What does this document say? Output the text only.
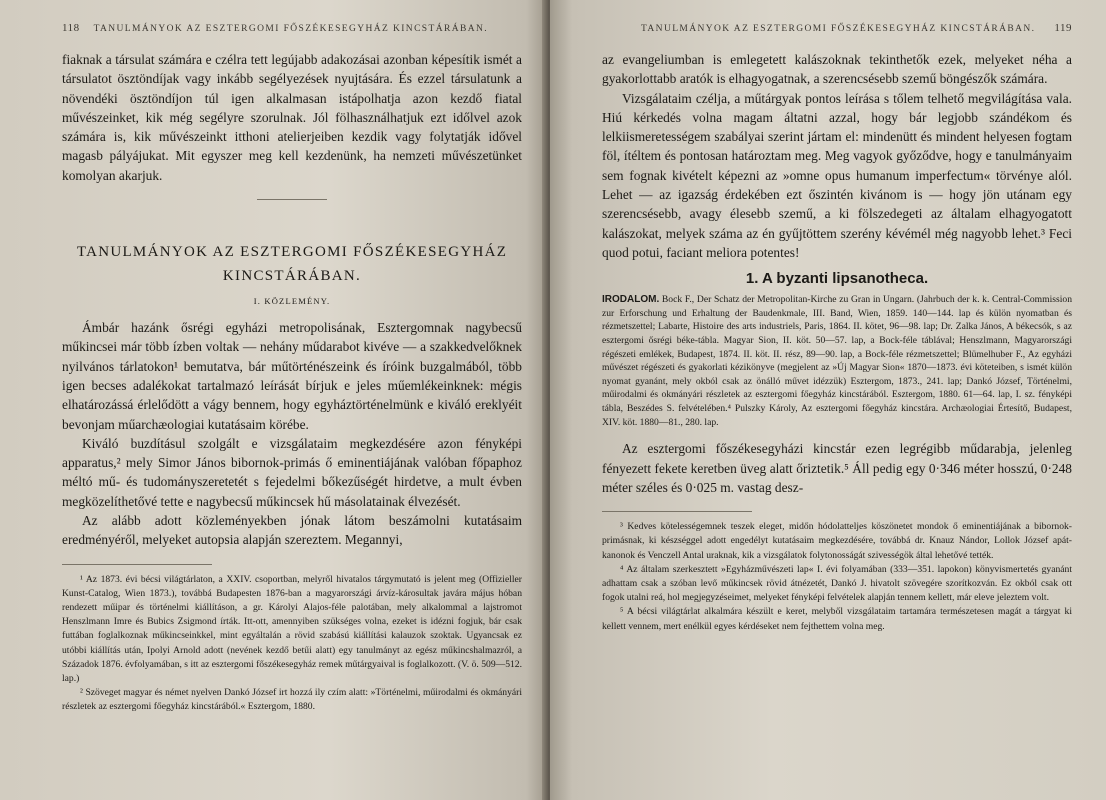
118 TANULMÁNYOK AZ ESZTERGOMI FŐSZÉKESEGYHÁZ KINCSTÁRÁBAN.

fiaknak a társulat számára e czélra tett legújabb adakozásai azonban képesítik ismét a társulatot ösztöndíjak vagy inkább segélyezések nyujtására. És ezzel társulatunk a növendéki ösztöndíjon túl igen alkalmasan istápolhatja azon kezdő fiatal művészeinket, kik még segélyre szorulnak. Jól fölhasználhatjuk ezt időlvel azok számára is, kik művészeinkt itthoni atelierjeiben kezdik vagy folytatják idővel magasb pályájukat. Mit egyszer meg kell kezdenünk, ha nemzeti művészetünket komolyan akarjuk.

TANULMÁNYOK AZ ESZTERGOMI FŐSZÉKESEGYHÁZ

KINCSTÁRÁBAN.

I. KÖZLEMÉNY.

Ámbár hazánk ősrégi egyházi metropolisának, Esztergomnak nagybecsű műkincsei már több ízben voltak — nehány műdarabot kivéve — a szakkedvelőknek nyilvános tárlatokon¹ bemutatva, bár műtörténészeink és íróink buzgalmából, több igen becses adalékokat tartalmazó leírását bírjuk e jeles műemlékeinknek: mégis elhatározássá érlelődött a vágy bennem, hogy egyháztörténelmünk e kiváló ereklyéit bevonjam műarchæologiai kutatásaim körébe.

Kiváló buzdításul szolgált e vizsgálataim megkezdésére azon fényképi apparatus,² mely Simor János bibornok-primás ő eminentiájának valóban főpaphoz méltó mű- és tudományszeretetét s fejedelmi bőkezűségét hirdetve, a mult évben megközelíthetővé tette e nagybecsű műkincsek hű másolatainak élvezését.

Az alább adott közleményekben jónak látom beszámolni kutatásaim eredményéről, melyeket autopsia alapján szereztem. Megannyi,

¹ Az 1873. évi bécsi világtárlaton, a XXIV. csoportban, melyről hivatalos tárgymutató is jelent meg (Offizieller Kunst-Catalog, Wien 1873.), továbbá Budapesten 1876-ban a magyarországi árvíz-károsultak javára május hóban rendezett műipar és történelmi kiállításon, a gr. Károlyi Alajos-féle palotában, mely alkalommal a lajstromot Henszlmann Imre és Bubics Zsigmond írták. Itt-ott, amennyiben szükséges volna, ezeket is idézni fogjuk, bár csak futtában foglalkoznak műkincseinkkel, mint egyáltalán a rövid szabású kiállítási kalauzok szoktak. Ugyancsak ez utóbbi kiállítás után, Ipolyi Arnold adott (nevének kezdő betűi alatt) egy tanulmányt az egész műkincshalmazról, a Századok 1876. évfolyamában, s itt az esztergomi főszékesegyház remek műtárgyaival is foglalkozott. (V. ö. 509—512. lap.)

² Szöveget magyar és német nyelven Dankó József irt hozzá ily czím alatt: »Történelmi, műirodalmi és okmányári részletek az esztergomi főegyház kincstárából.« Esztergom, 1880.

TANULMÁNYOK AZ ESZTERGOMI FŐSZÉKESEGYHÁZ KINCSTÁRÁBAN. 119

az evangeliumban is emlegetett kalászoknak tekinthetők ezek, melyeket néha a gyakorlottabb aratók is elhagyogatnak, a szerencsésebb szemű böngészők számára.

Vizsgálataim czélja, a műtárgyak pontos leírása s tőlem telhető megvilágítása vala. Hiú kérkedés volna magam áltatni azzal, hogy bár legjobb szándékom és lelkiismeretességem szabályai szerint jártam el: mindenütt és mindent helyesen fogtam föl, ítéltem és pontosan határoztam meg. Meg vagyok győződve, hogy e tanulmányaim sem fognak kivételt képezni az »omne opus humanum imperfectum« törvénye alól. Lehet — az igazság érdekében ezt őszintén kivánom is — hogy jön utánam egy szerencsésebb, avagy élesebb szemű, a ki fölszedegeti az általam elhagyogatott kalászokat, melyek száma az én gyűjtöttem szerény kévémél még nagyobb lehet.³ Feci quod potui, faciant meliora potentes!

1. A byzanti lipsanotheca.

IRODALOM. Bock F., Der Schatz der Metropolitan-Kirche zu Gran in Ungarn. (Jahrbuch der k. k. Central-Commission zur Erforschung und Erhaltung der Baudenkmale, III. Band, Wien, 1859. 140—144. lap és külön nyomatban és rézmetszettel; Labarte, Histoire des arts industriels, Paris, 1864. II. kötet, 96—98. lap; Dr. Zalka János, A békecsók, s az esztergomi ősrégi béke-tábla. Magyar Sion, II. köt. 50—57. lap, a Bock-féle táblával; Henszlmann, Magyarországi régészeti emlékek, Budapest, 1874. II. köt. II. rész, 89—90. lap, a Bock-féle rézmetszettel; Blümelhuber F., Az egyházi művészet régészeti és gyakorlati kézikönyve (megjelent az »Új Magyar Sion« 1870—1873. évi köteteiben, s ismét külön nyomat gyanánt, mely okból csak az önálló művet idézzük) Esztergom, 1873., 241. lap; Dankó József, Történelmi, műirodalmi és okmányári részletek az esztergomi főegyház kincstárából. Esztergom, 1880. 61—64. lap, I. sz. fényképi tábla, Beszédes S. felvételében.⁴ Pulszky Károly, Az esztergomi főegyház kincstára. Archæologiai Értesítő, Budapest, XIV. köt. 1880—81., 280. lap.

Az esztergomi főszékesegyházi kincstár ezen legrégibb műdarabja, jelenleg fényezett fekete keretben üveg alatt őriztetik.⁵ Áll pedig egy 0·346 méter hosszú, 0·248 méter széles és 0·025 m. vastag desz-

³ Kedves kötelességemnek teszek eleget, midőn hódolatteljes köszönetet mondok ő eminentiájának a bibornok-primásnak, ki készséggel adott engedélyt kutatásaim megkezdésére, továbbá dr. Knauz Nándor, Lollok József apát-kanonok és Venczell Antal uraknak, kik a vizsgálatok folytonosságát szivességök által lehetővé tették.

⁴ Az általam szerkesztett »Egyházművészeti lap« I. évi folyamában (333—351. lapokon) könyvismertetés gyanánt adhattam csak a szóban levő műkincsek rövid átnézetét, Dankó J. hivatolt szövegére szorítkozván. Ez okból csak ott fogok utalni reá, hol megjegyzéseimet, melyeket fényképi felvételek alapján tennem kellett, már eleve jeleztem volt.

⁵ A bécsi világtárlat alkalmára készült e keret, melyből vizsgálataim tartamára természetesen magát a tárgyat ki kellett vennem, mert enélkül egyes kérdéseket nem fejthettem volna meg.
